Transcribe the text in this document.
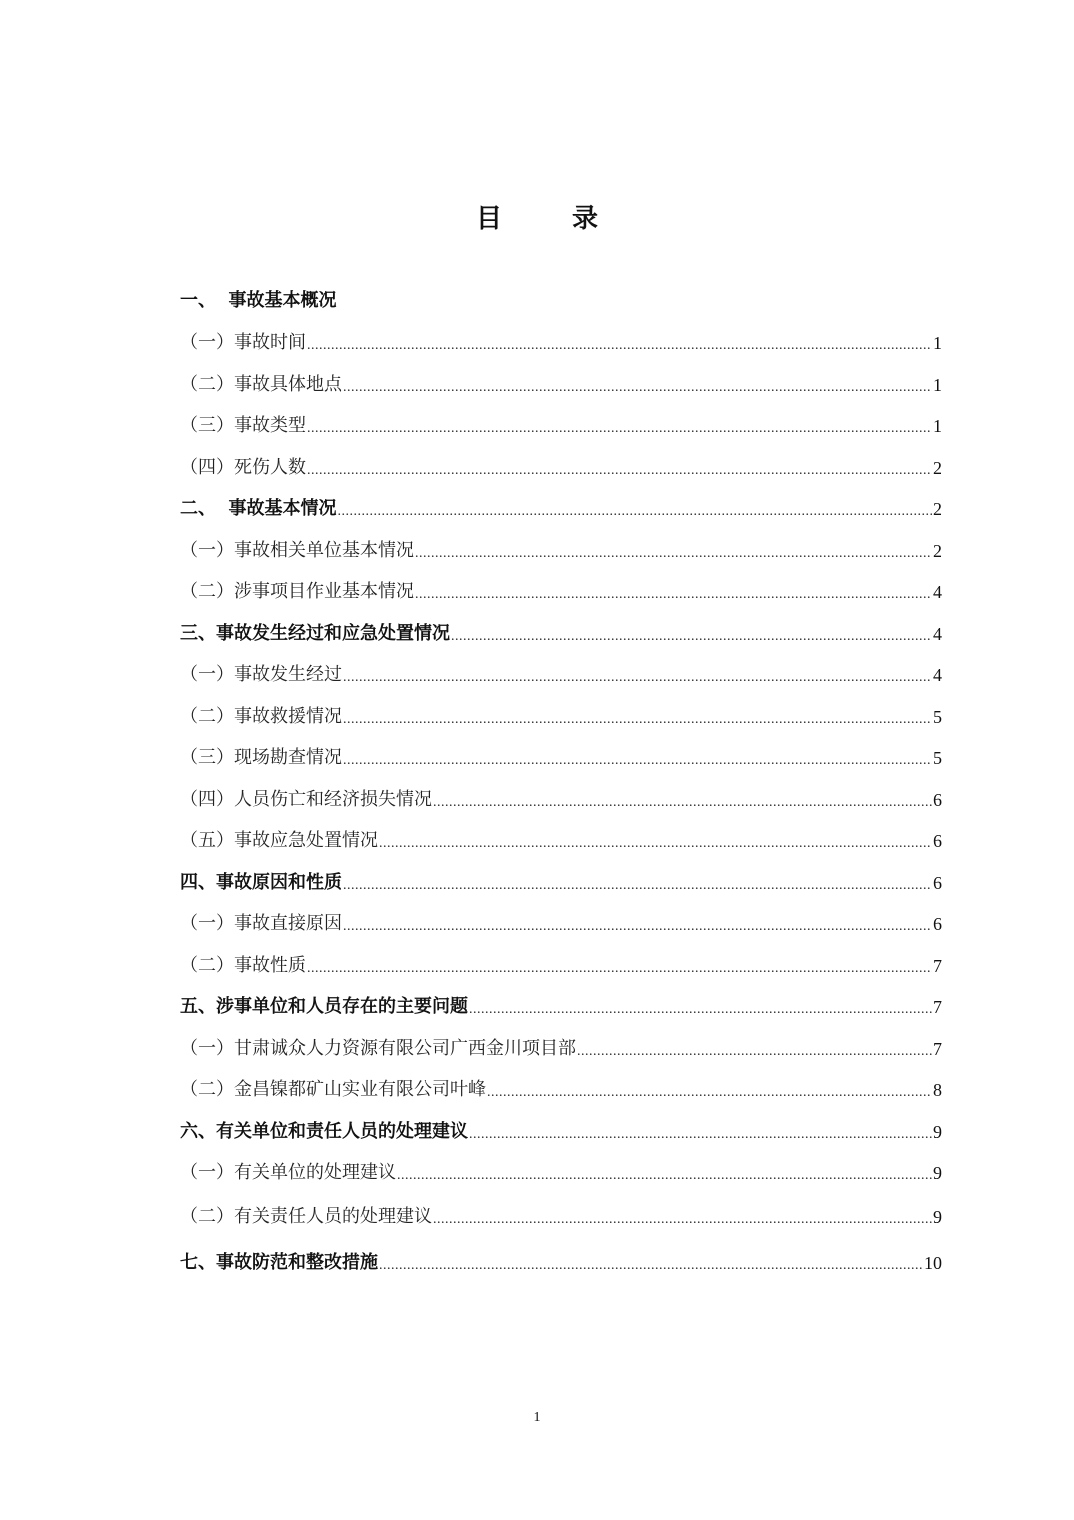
目　录
一、  事故基本概况
（一）事故时间 .....	1
（二）事故具体地点 .....	1
（三）事故类型 .....	1
（四）死伤人数 .....	2
二、  事故基本情况 .....	2
（一）事故相关单位基本情况 .....	2
（二）涉事项目作业基本情况 .....	4
三、事故发生经过和应急处置情况 .....	4
（一）事故发生经过 .....	4
（二）事故救援情况 .....	5
（三）现场勘查情况 .....	5
（四）人员伤亡和经济损失情况 .....	6
（五）事故应急处置情况 .....	6
四、事故原因和性质 .....	6
（一）事故直接原因 .....	6
（二）事故性质 .....	7
五、涉事单位和人员存在的主要问题 .....	7
（一）甘肃诚众人力资源有限公司广西金川项目部 .....	7
（二）金昌镍都矿山实业有限公司叶峰 .....	8
六、有关单位和责任人员的处理建议 .....	9
（一）有关单位的处理建议 .....	9
（二）有关责任人员的处理建议 .....	9
七、事故防范和整改措施 .....	10
1
